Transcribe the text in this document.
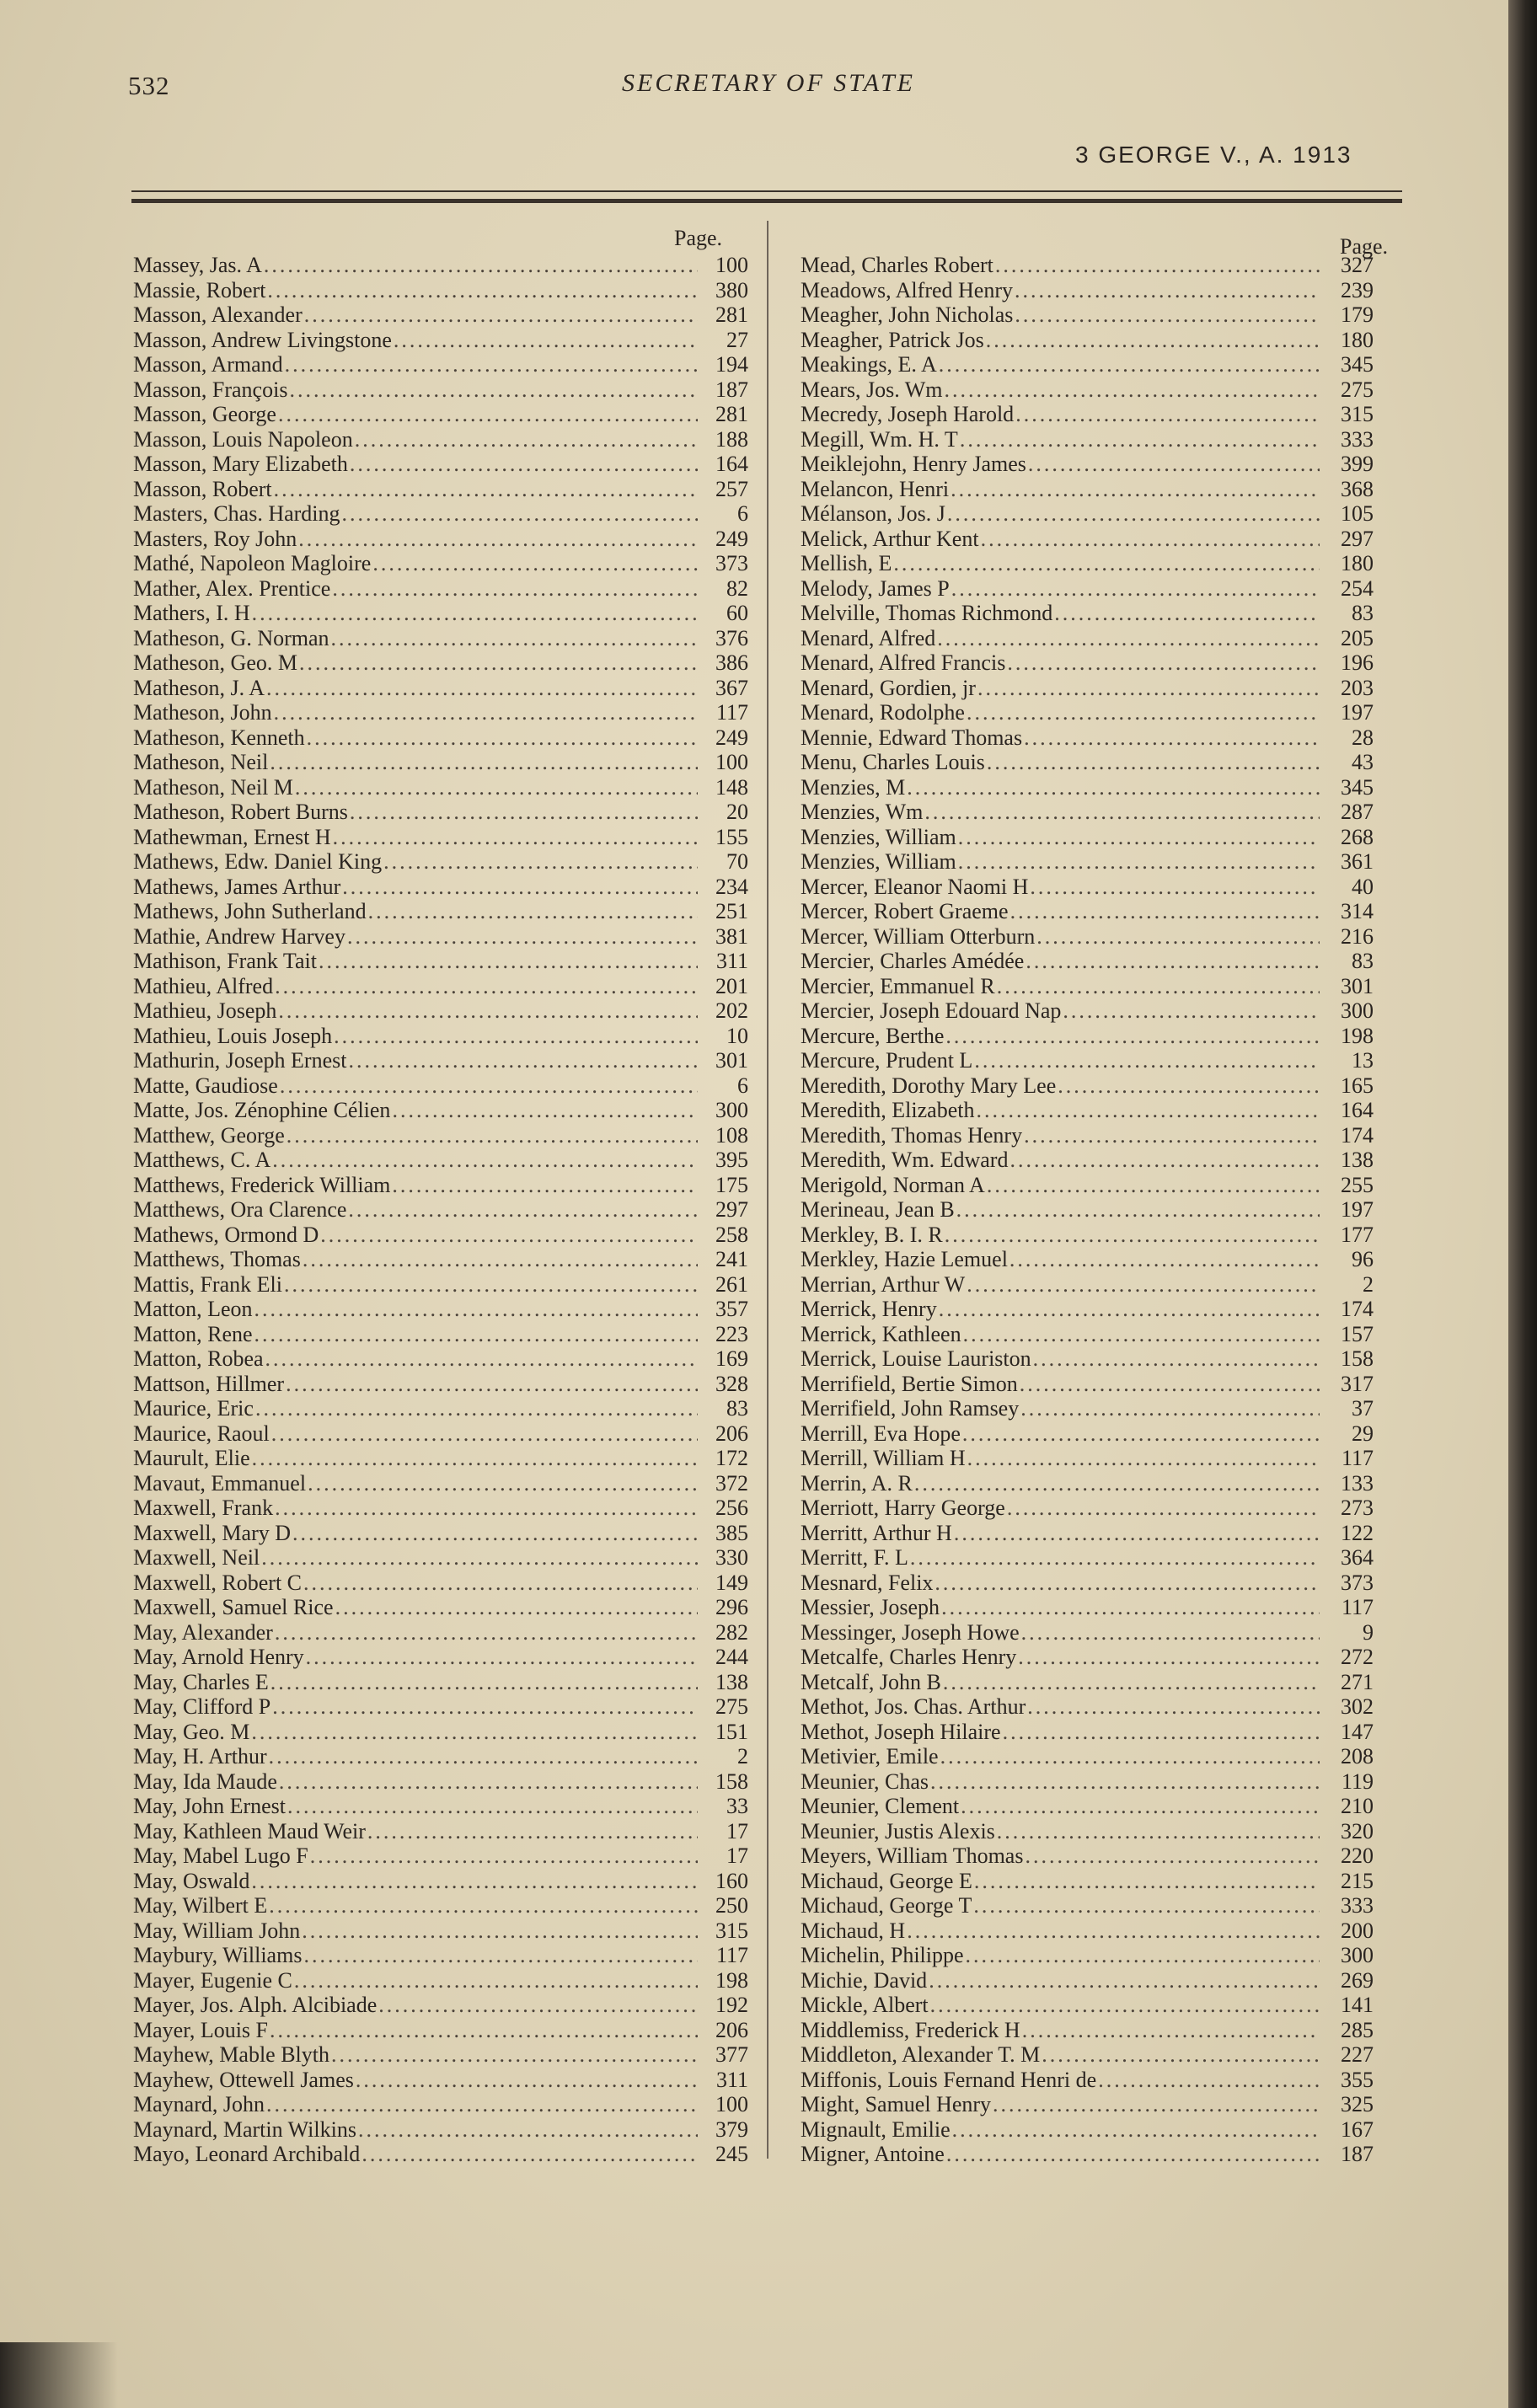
532	SECRETARY OF STATE
3 GEORGE V., A. 1913
Page.	Page.
Massey, Jas. A .....	100
Massie, Robert .....	380
Masson, Alexander .....	281
Masson, Andrew Livingstone .....	27
Masson, Armand .....	194
Masson, François .....	187
Masson, George .....	281
Masson, Louis Napoleon .....	188
Masson, Mary Elizabeth .....	164
Masson, Robert .....	257
Masters, Chas. Harding .....	6
Masters, Roy John .....	249
Mathé, Napoleon Magloire .....	373
Mather, Alex. Prentice .....	82
Mathers, I. H .....	60
Matheson, G. Norman .....	376
Matheson, Geo. M .....	386
Matheson, J. A .....	367
Matheson, John .....	117
Matheson, Kenneth .....	249
Matheson, Neil .....	100
Matheson, Neil M .....	148
Matheson, Robert Burns .....	20
Mathewman, Ernest H .....	155
Mathews, Edw. Daniel King .....	70
Mathews, James Arthur .....	234
Mathews, John Sutherland .....	251
Mathie, Andrew Harvey .....	381
Mathison, Frank Tait .....	311
Mathieu, Alfred .....	201
Mathieu, Joseph .....	202
Mathieu, Louis Joseph .....	10
Mathurin, Joseph Ernest .....	301
Matte, Gaudiose .....	6
Matte, Jos. Zénophine Célien .....	300
Matthew, George .....	108
Matthews, C. A .....	395
Matthews, Frederick William .....	175
Matthews, Ora Clarence .....	297
Mathews, Ormond D .....	258
Matthews, Thomas .....	241
Mattis, Frank Eli .....	261
Matton, Leon .....	357
Matton, Rene .....	223
Matton, Robea .....	169
Mattson, Hillmer .....	328
Maurice, Eric .....	83
Maurice, Raoul .....	206
Maurult, Elie .....	172
Mavaut, Emmanuel .....	372
Maxwell, Frank .....	256
Maxwell, Mary D .....	385
Maxwell, Neil .....	330
Maxwell, Robert C .....	149
Maxwell, Samuel Rice .....	296
May, Alexander .....	282
May, Arnold Henry .....	244
May, Charles E .....	138
May, Clifford P .....	275
May, Geo. M .....	151
May, H. Arthur .....	2
May, Ida Maude .....	158
May, John Ernest .....	33
May, Kathleen Maud Weir .....	17
May, Mabel Lugo F .....	17
May, Oswald .....	160
May, Wilbert E .....	250
May, William John .....	315
Maybury, Williams .....	117
Mayer, Eugenie C .....	198
Mayer, Jos. Alph. Alcibiade .....	192
Mayer, Louis F .....	206
Mayhew, Mable Blyth .....	377
Mayhew, Ottewell James .....	311
Maynard, John .....	100
Maynard, Martin Wilkins .....	379
Mayo, Leonard Archibald .....	245
Mead, Charles Robert .....	327
Meadows, Alfred Henry .....	239
Meagher, John Nicholas .....	179
Meagher, Patrick Jos .....	180
Meakings, E. A .....	345
Mears, Jos. Wm .....	275
Mecredy, Joseph Harold .....	315
Megill, Wm. H. T .....	333
Meiklejohn, Henry James .....	399
Melancon, Henri .....	368
Mélanson, Jos. J .....	105
Melick, Arthur Kent .....	297
Mellish, E .....	180
Melody, James P .....	254
Melville, Thomas Richmond .....	83
Menard, Alfred .....	205
Menard, Alfred Francis .....	196
Menard, Gordien, jr .....	203
Menard, Rodolphe .....	197
Mennie, Edward Thomas .....	28
Menu, Charles Louis .....	43
Menzies, M .....	345
Menzies, Wm .....	287
Menzies, William .....	268
Menzies, William .....	361
Mercer, Eleanor Naomi H .....	40
Mercer, Robert Graeme .....	314
Mercer, William Otterburn .....	216
Mercier, Charles Amédée .....	83
Mercier, Emmanuel R .....	301
Mercier, Joseph Edouard Nap .....	300
Mercure, Berthe .....	198
Mercure, Prudent L .....	13
Meredith, Dorothy Mary Lee .....	165
Meredith, Elizabeth .....	164
Meredith, Thomas Henry .....	174
Meredith, Wm. Edward .....	138
Merigold, Norman A .....	255
Merineau, Jean B .....	197
Merkley, B. I. R .....	177
Merkley, Hazie Lemuel .....	96
Merrian, Arthur W .....	2
Merrick, Henry .....	174
Merrick, Kathleen .....	157
Merrick, Louise Lauriston .....	158
Merrifield, Bertie Simon .....	317
Merrifield, John Ramsey .....	37
Merrill, Eva Hope .....	29
Merrill, William H .....	117
Merrin, A. R .....	133
Merriott, Harry George .....	273
Merritt, Arthur H .....	122
Merritt, F. L .....	364
Mesnard, Felix .....	373
Messier, Joseph .....	117
Messinger, Joseph Howe .....	9
Metcalfe, Charles Henry .....	272
Metcalf, John B .....	271
Methot, Jos. Chas. Arthur .....	302
Methot, Joseph Hilaire .....	147
Metivier, Emile .....	208
Meunier, Chas .....	119
Meunier, Clement .....	210
Meunier, Justis Alexis .....	320
Meyers, William Thomas .....	220
Michaud, George E .....	215
Michaud, George T .....	333
Michaud, H .....	200
Michelin, Philippe .....	300
Michie, David .....	269
Mickle, Albert .....	141
Middlemiss, Frederick H .....	285
Middleton, Alexander T. M .....	227
Miffonis, Louis Fernand Henri de .....	355
Might, Samuel Henry .....	325
Mignault, Emilie .....	167
Migner, Antoine .....	187
